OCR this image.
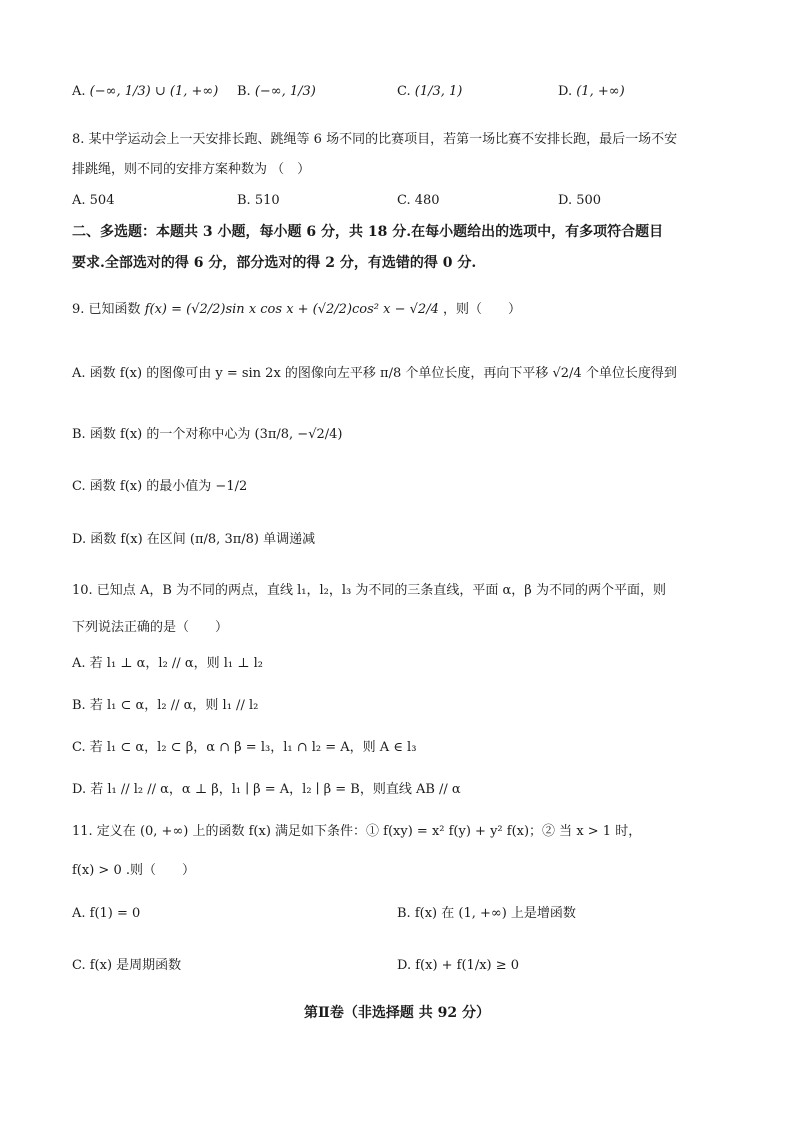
A. (−∞, 1/3) ∪ (1, +∞) B. (−∞, 1/3)	C. (1/3, 1)	D. (1, +∞)
8. 某中学运动会上一天安排长跑、跳绳等 6 场不同的比赛项目，若第一场比赛不安排长跑，最后一场不安
排跳绳，则不同的安排方案种数为 （　）
A. 504	B. 510	C. 480	D. 500
二、多选题：本题共 3 小题，每小题 6 分，共 18 分.在每小题给出的选项中，有多项符合题目
要求.全部选对的得 6 分，部分选对的得 2 分，有选错的得 0 分.
9. 已知函数 f(x) = (√2/2)sin x cos x + (√2/2)cos² x − √2/4 ，则（　　）
A. 函数 f(x) 的图像可由 y = sin 2x 的图像向左平移 π/8 个单位长度，再向下平移 √2/4 个单位长度得到
B. 函数 f(x) 的一个对称中心为 (3π/8, −√2/4)
C. 函数 f(x) 的最小值为 −1/2
D. 函数 f(x) 在区间 (π/8, 3π/8) 单调递减
10. 已知点 A，B 为不同的两点，直线 l₁，l₂，l₃ 为不同的三条直线，平面 α，β 为不同的两个平面，则
下列说法正确的是（　　）
A. 若 l₁ ⊥ α，l₂ // α，则 l₁ ⊥ l₂
B. 若 l₁ ⊂ α，l₂ // α，则 l₁ // l₂
C. 若 l₁ ⊂ α，l₂ ⊂ β，α ∩ β = l₃，l₁ ∩ l₂ = A，则 A ∈ l₃
D. 若 l₁ // l₂ // α，α ⊥ β，l₁ ∣ β = A，l₂ ∣ β = B，则直线 AB // α
11. 定义在 (0, +∞) 上的函数 f(x) 满足如下条件：① f(xy) = x² f(y) + y² f(x)；② 当 x > 1 时，
f(x) > 0 .则（　　）
A. f(1) = 0	B. f(x) 在 (1, +∞) 上是增函数
C. f(x) 是周期函数	D. f(x) + f(1/x) ≥ 0
第Ⅱ卷（非选择题 共 92 分）
